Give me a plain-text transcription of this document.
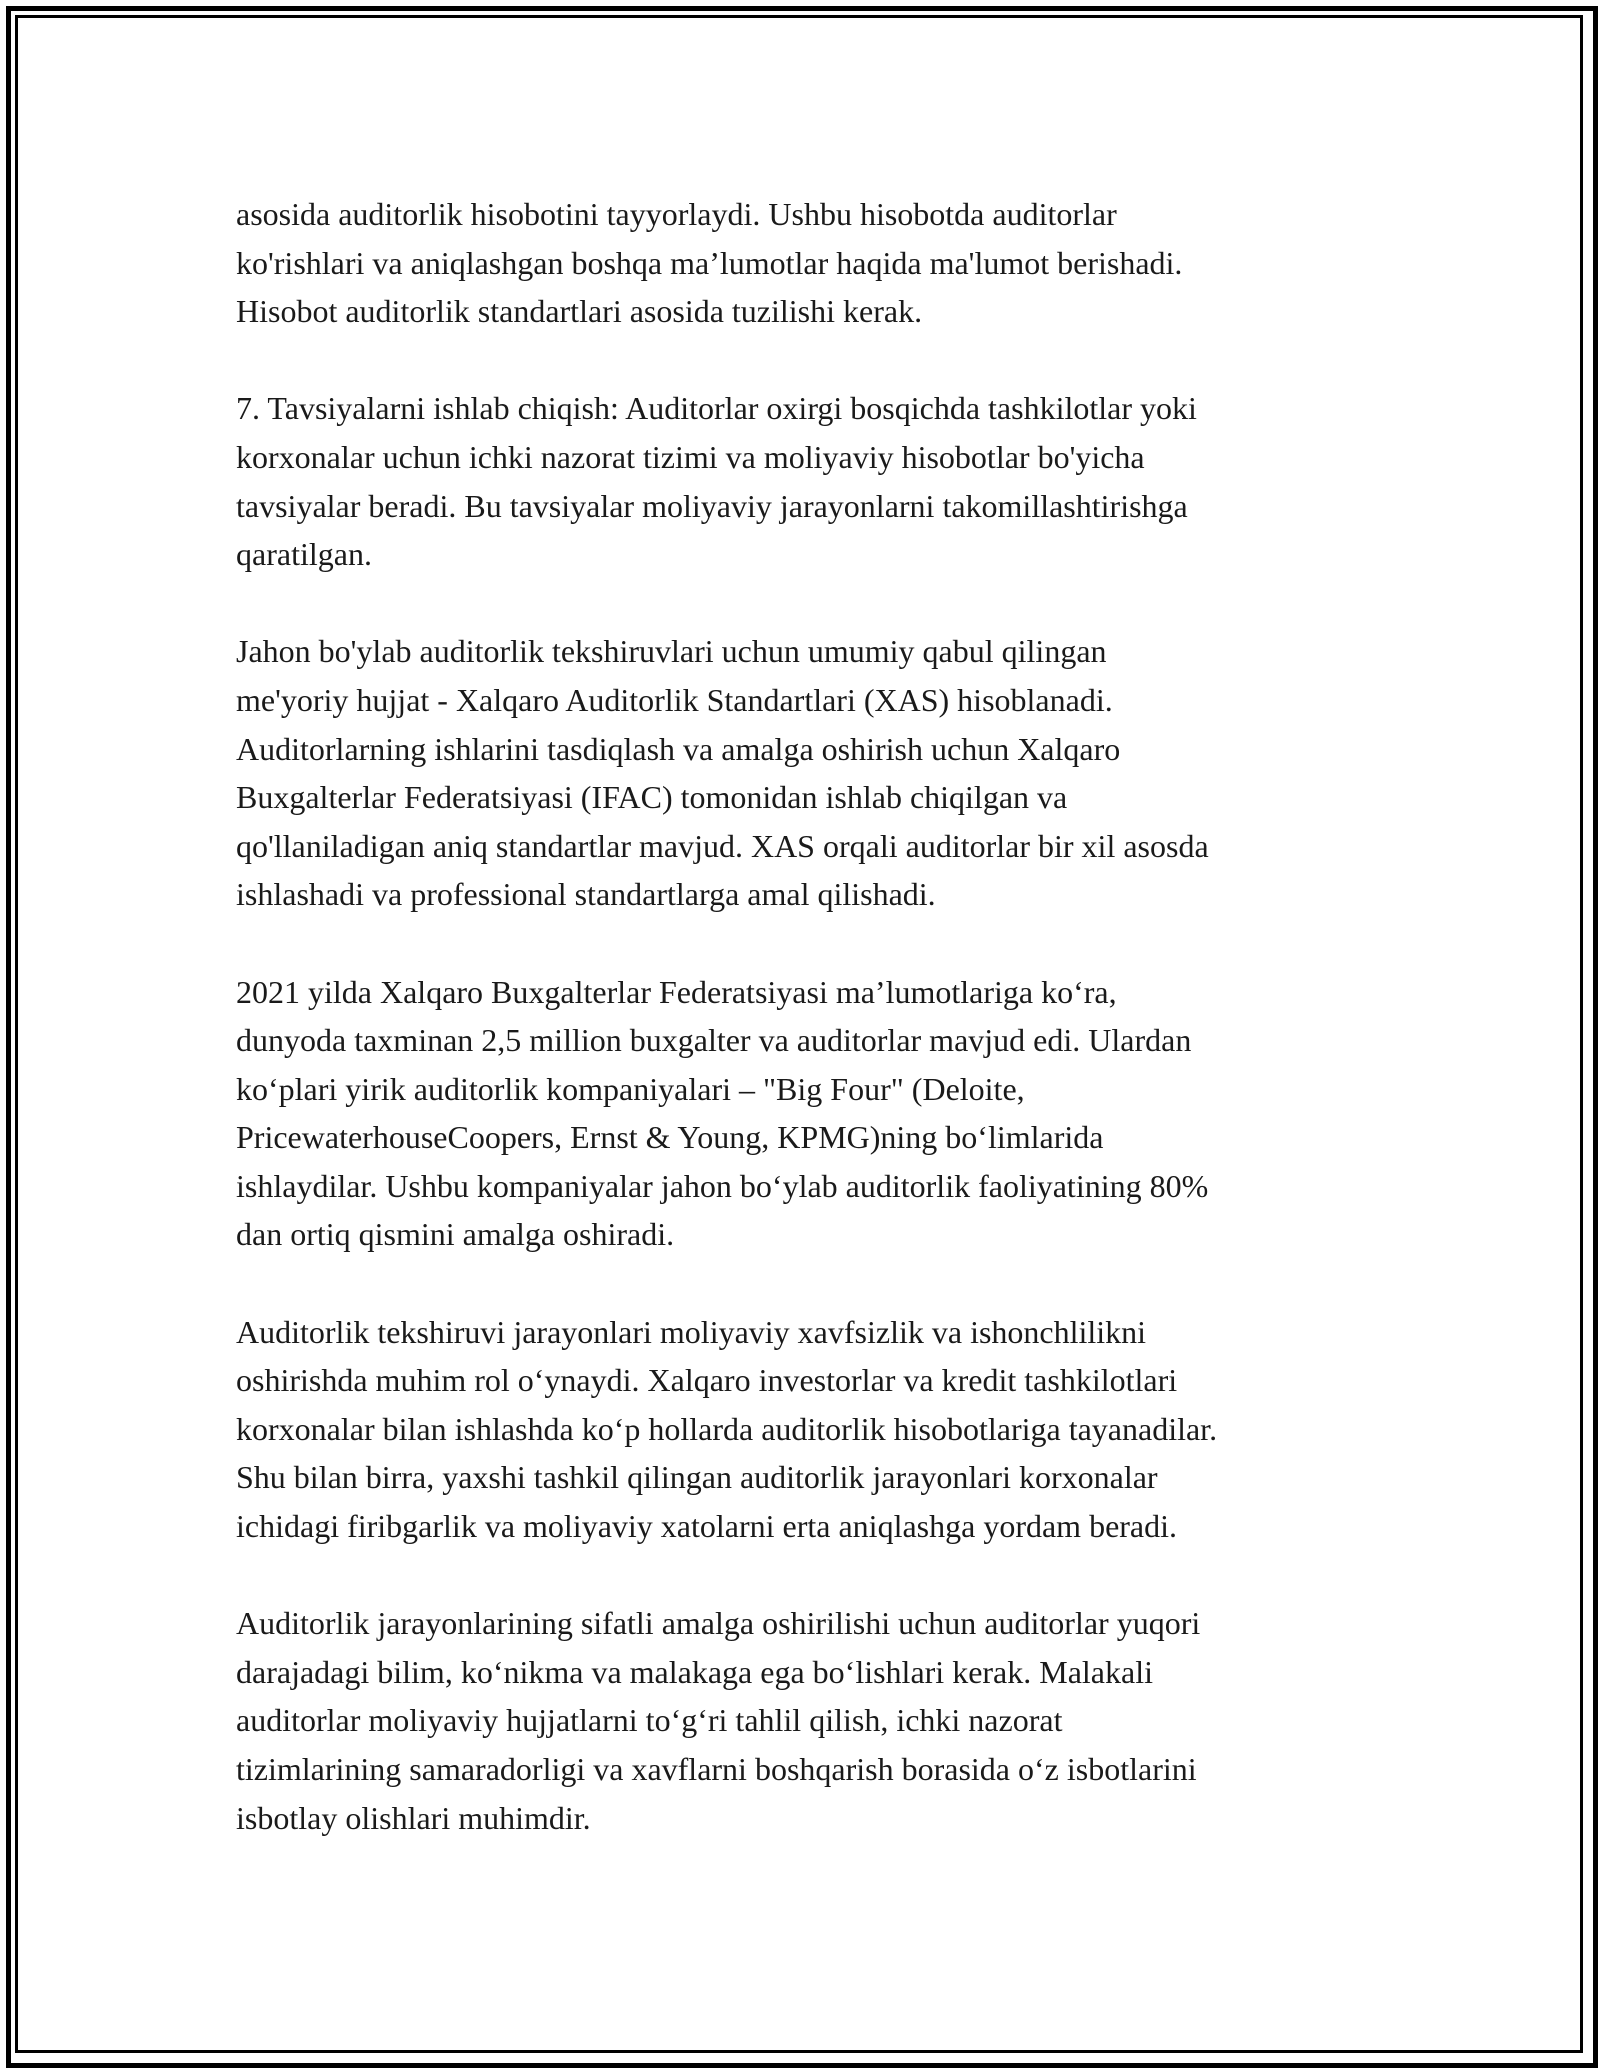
asosida auditorlik hisobotini tayyorlaydi. Ushbu hisobotda auditorlar
ko'rishlari va aniqlashgan boshqa ma’lumotlar haqida ma'lumot berishadi.
Hisobot auditorlik standartlari asosida tuzilishi kerak.

7. Tavsiyalarni ishlab chiqish: Auditorlar oxirgi bosqichda tashkilotlar yoki
korxonalar uchun ichki nazorat tizimi va moliyaviy hisobotlar bo'yicha
tavsiyalar beradi. Bu tavsiyalar moliyaviy jarayonlarni takomillashtirishga
qaratilgan.

Jahon bo'ylab auditorlik tekshiruvlari uchun umumiy qabul qilingan
me'yoriy hujjat - Xalqaro Auditorlik Standartlari (XAS) hisoblanadi.
Auditorlarning ishlarini tasdiqlash va amalga oshirish uchun Xalqaro
Buxgalterlar Federatsiyasi (IFAC) tomonidan ishlab chiqilgan va
qo'llaniladigan aniq standartlar mavjud. XAS orqali auditorlar bir xil asosda
ishlashadi va professional standartlarga amal qilishadi.

2021 yilda Xalqaro Buxgalterlar Federatsiyasi ma’lumotlariga koʻra,
dunyoda taxminan 2,5 million buxgalter va auditorlar mavjud edi. Ulardan
koʻplari yirik auditorlik kompaniyalari – "Big Four" (Deloite,
PricewaterhouseCoopers, Ernst & Young, KPMG)ning boʻlimlarida
ishlaydilar. Ushbu kompaniyalar jahon boʻylab auditorlik faoliyatining 80%
dan ortiq qismini amalga oshiradi.

Auditorlik tekshiruvi jarayonlari moliyaviy xavfsizlik va ishonchlilikni
oshirishda muhim rol oʻynaydi. Xalqaro investorlar va kredit tashkilotlari
korxonalar bilan ishlashda koʻp hollarda auditorlik hisobotlariga tayanadilar.
Shu bilan birra, yaxshi tashkil qilingan auditorlik jarayonlari korxonalar
ichidagi firibgarlik va moliyaviy xatolarni erta aniqlashga yordam beradi.

Auditorlik jarayonlarining sifatli amalga oshirilishi uchun auditorlar yuqori
darajadagi bilim, koʻnikma va malakaga ega boʻlishlari kerak. Malakali
auditorlar moliyaviy hujjatlarni toʻgʻri tahlil qilish, ichki nazorat
tizimlarining samaradorligi va xavflarni boshqarish borasida oʻz isbotlarini
isbotlay olishlari muhimdir.
